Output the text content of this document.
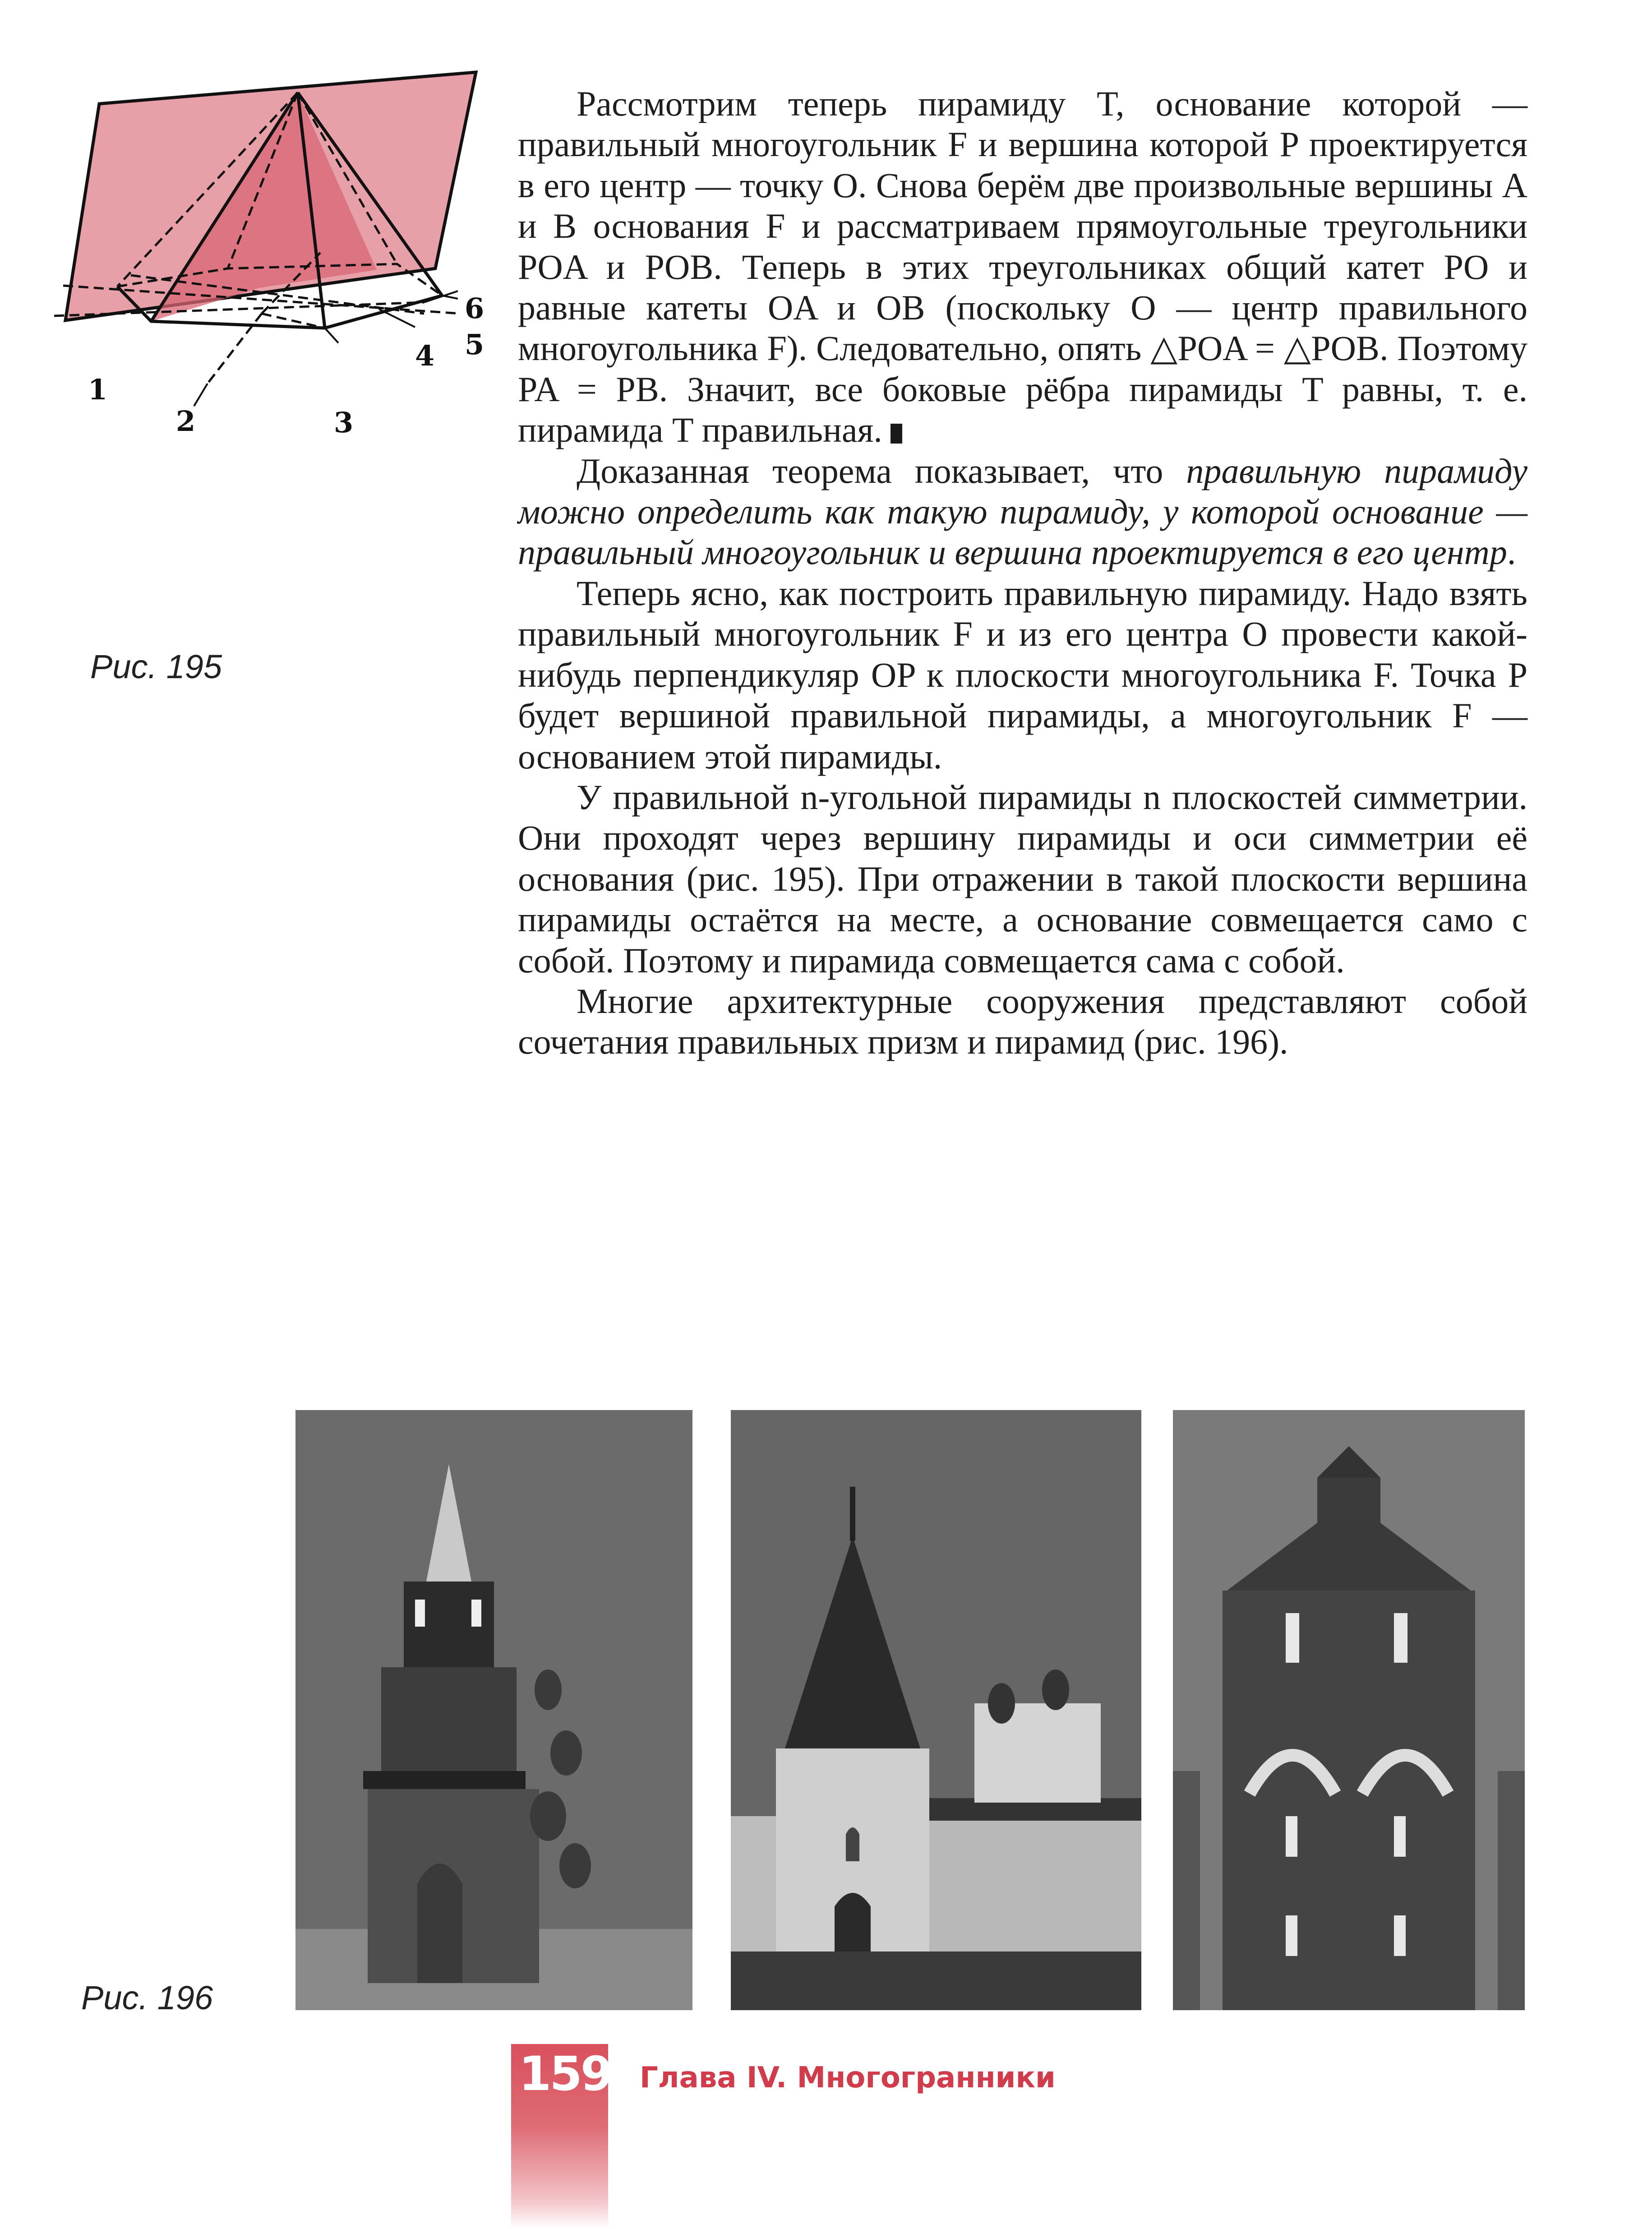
1
2	3
4 5
6
Рис. 195

Рассмотрим теперь пирамиду T, основание которой — правильный многоугольник F и вершина которой P проектируется в его центр — точку O. Снова берём две произвольные вершины A и B основания F и рассматриваем прямоугольные треугольники POA и POB. Теперь в этих треугольниках общий катет PO и равные катеты OA и OB (поскольку O — центр правильного многоугольника F). Следовательно, опять △POA = △POB. Поэтому PA = PB. Значит, все боковые рёбра пирамиды T равны, т. е. пирамида T правильная.

Доказанная теорема показывает, что правильную пирамиду можно определить как такую пирамиду, у которой основание — правильный многоугольник и вершина проектируется в его центр.

Теперь ясно, как построить правильную пирамиду. Надо взять правильный многоугольник F и из его центра O провести какой-нибудь перпендикуляр OP к плоскости многоугольника F. Точка P будет вершиной правильной пирамиды, а многоугольник F — основанием этой пирамиды.

У правильной n-угольной пирамиды n плоскостей симметрии. Они проходят через вершину пирамиды и оси симметрии её основания (рис. 195). При отражении в такой плоскости вершина пирамиды остаётся на месте, а основание совмещается само с собой. Поэтому и пирамида совмещается сама с собой.

Многие архитектурные сооружения представляют собой сочетания правильных призм и пирамид (рис. 196).

Рис. 196
159 Глава IV. Многогранники
